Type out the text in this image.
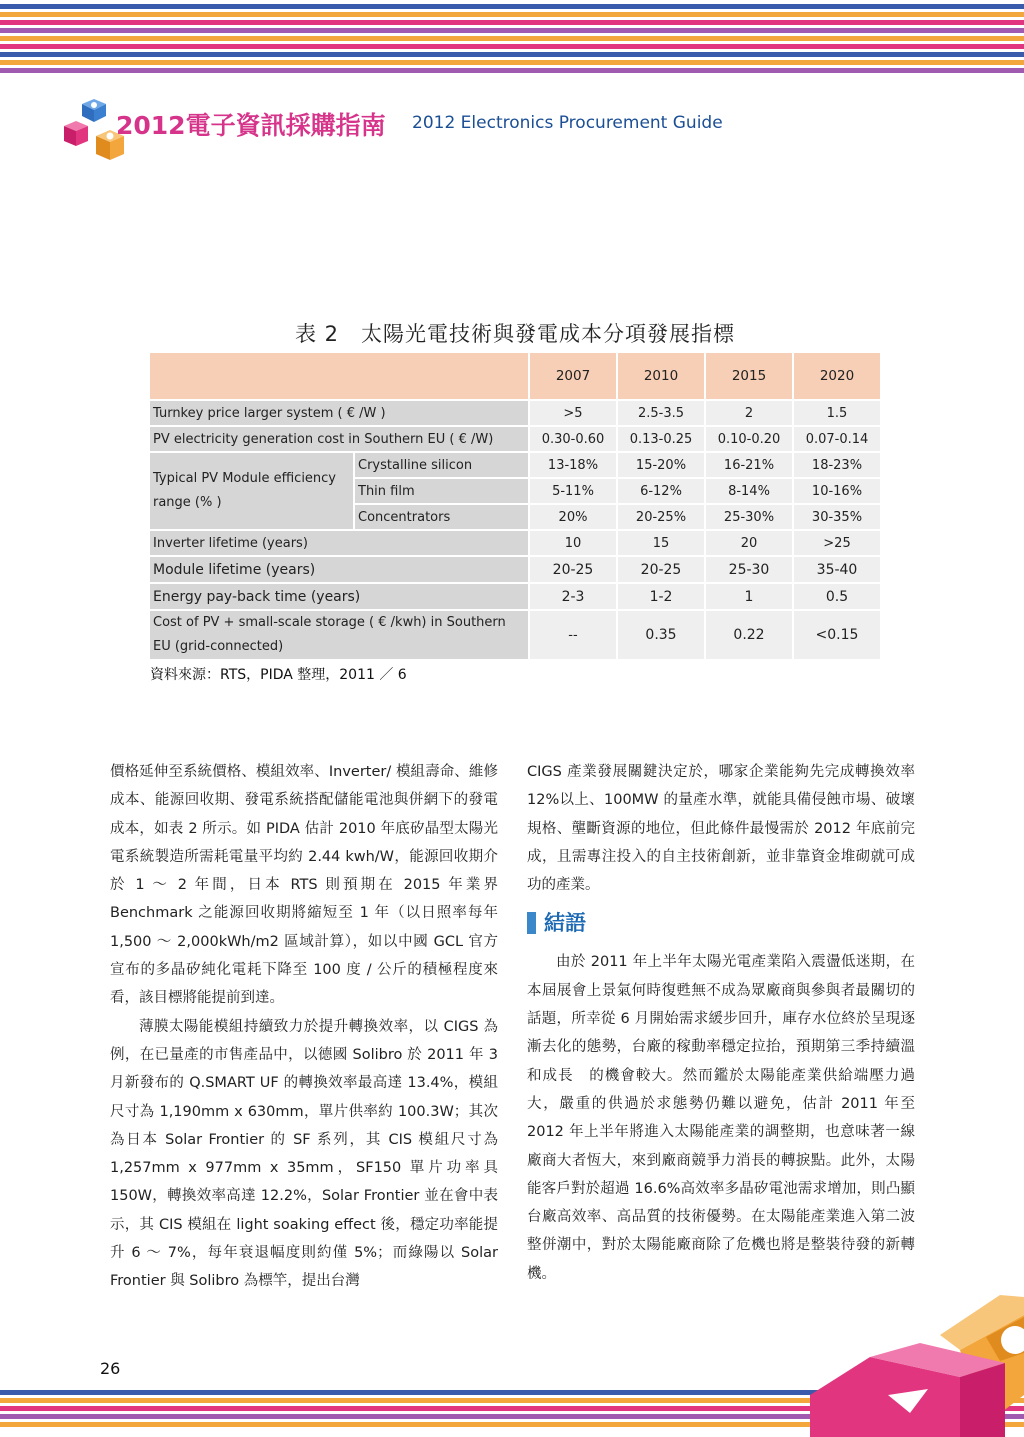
2012電子資訊採購指南 2012 Electronics Procurement Guide
表 2　太陽光電技術與發電成本分項發展指標
		2007	2010	2015	2020
Turnkey price larger system ( € /W )		>5	2.5-3.5	2	1.5
PV electricity generation cost in Southern EU ( € /W)		0.30-0.60	0.13-0.25	0.10-0.20	0.07-0.14
Typical PV Module efficiency range (% )	Crystalline silicon	13-18%	15-20%	16-21%	18-23%
	Thin film	5-11%	6-12%	8-14%	10-16%
	Concentrators	20%	20-25%	25-30%	30-35%
Inverter lifetime (years)		10	15	20	>25
Module lifetime (years)		20-25	20-25	25-30	35-40
Energy pay-back time (years)		2-3	1-2	1	0.5
Cost of PV + small-scale storage ( € /kwh) in Southern EU (grid-connected)		--	0.35	0.22	<0.15
資料來源：RTS，PIDA 整理，2011 ／ 6

價格延伸至系統價格、模組效率、Inverter/ 模組壽命、維修成本、能源回收期、發電系統搭配儲能電池與併網下的發電成本，如表 2 所示。如 PIDA 估計 2010 年底矽晶型太陽光電系統製造所需耗電量平均約 2.44 kwh/W，能源回收期介於 1 ～ 2 年間，日本 RTS 則預期在 2015 年業界 Benchmark 之能源回收期將縮短至 1 年（以日照率每年 1,500 ～ 2,000kWh/m2 區域計算），如以中國 GCL 官方宣布的多晶矽純化電耗下降至 100 度 / 公斤的積極程度來看，該目標將能提前到達。

薄膜太陽能模組持續致力於提升轉換效率，以 CIGS 為例，在已量產的市售產品中，以德國 Solibro 於 2011 年 3 月新發布的 Q.SMART UF 的轉換效率最高達 13.4%，模組尺寸為 1,190mm x 630mm，單片供率約 100.3W；其次為日本 Solar Frontier 的 SF 系列，其 CIS 模組尺寸為 1,257mm x 977mm x 35mm，SF150 單片功率具 150W，轉換效率高達 12.2%，Solar Frontier 並在會中表示，其 CIS 模組在 light soaking effect 後，穩定功率能提升 6 ～ 7%，每年衰退幅度則約僅 5%；而綠陽以 Solar Frontier 與 Solibro 為標竿，提出台灣

CIGS 產業發展關鍵決定於，哪家企業能夠先完成轉換效率 12%以上、100MW 的量產水準，就能具備侵蝕市場、破壞規格、壟斷資源的地位，但此條件最慢需於 2012 年底前完成，且需專注投入的自主技術創新，並非靠資金堆砌就可成功的產業。

結語

由於 2011 年上半年太陽光電產業陷入震盪低迷期，在本屆展會上景氣何時復甦無不成為眾廠商與參與者最關切的話題，所幸從 6 月開始需求緩步回升，庫存水位終於呈現逐漸去化的態勢，台廠的稼動率穩定拉抬，預期第三季持續溫和成長　的機會較大。然而鑑於太陽能產業供給端壓力過大，嚴重的供過於求態勢仍難以避免，估計 2011 年至 2012 年上半年將進入太陽能產業的調整期，也意味著一線廠商大者恆大，來到廠商競爭力消長的轉捩點。此外，太陽能客戶對於超過 16.6%高效率多晶矽電池需求增加，則凸顯台廠高效率、高品質的技術優勢。在太陽能產業進入第二波整併潮中，對於太陽能廠商除了危機也將是整裝待發的新轉機。

26
